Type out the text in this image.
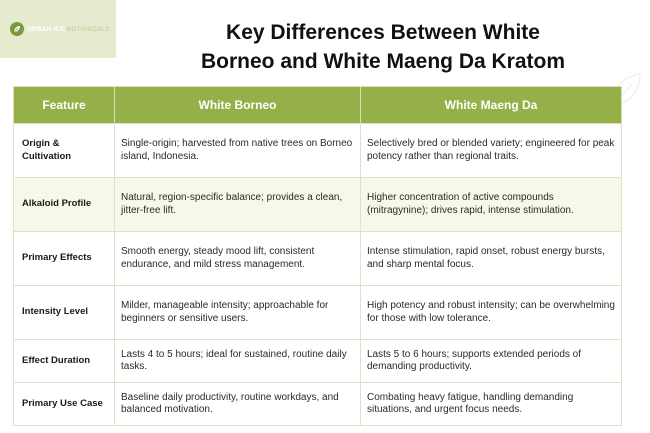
URBAN ICE BOTANICALS	Key Differences Between White
Borneo and White Maeng Da Kratom
Feature	White Borneo	White Maeng Da
Origin & Cultivation	Single-origin; harvested from native trees on Borneo island, Indonesia.	Selectively bred or blended variety; engineered for peak potency rather than regional traits.
Alkaloid Profile	Natural, region-specific balance; provides a clean, jitter-free lift.	Higher concentration of active compounds (mitragynine); drives rapid, intense stimulation.
Primary Effects	Smooth energy, steady mood lift, consistent endurance, and mild stress management.	Intense stimulation, rapid onset, robust energy bursts, and sharp mental focus.
Intensity Level	Milder, manageable intensity; approachable for beginners or sensitive users.	High potency and robust intensity; can be overwhelming for those with low tolerance.
Effect Duration	Lasts 4 to 5 hours; ideal for sustained, routine daily tasks.	Lasts 5 to 6 hours; supports extended periods of demanding productivity.
Primary Use Case	Baseline daily productivity, routine workdays, and balanced motivation.	Combating heavy fatigue, handling demanding situations, and urgent focus needs.
